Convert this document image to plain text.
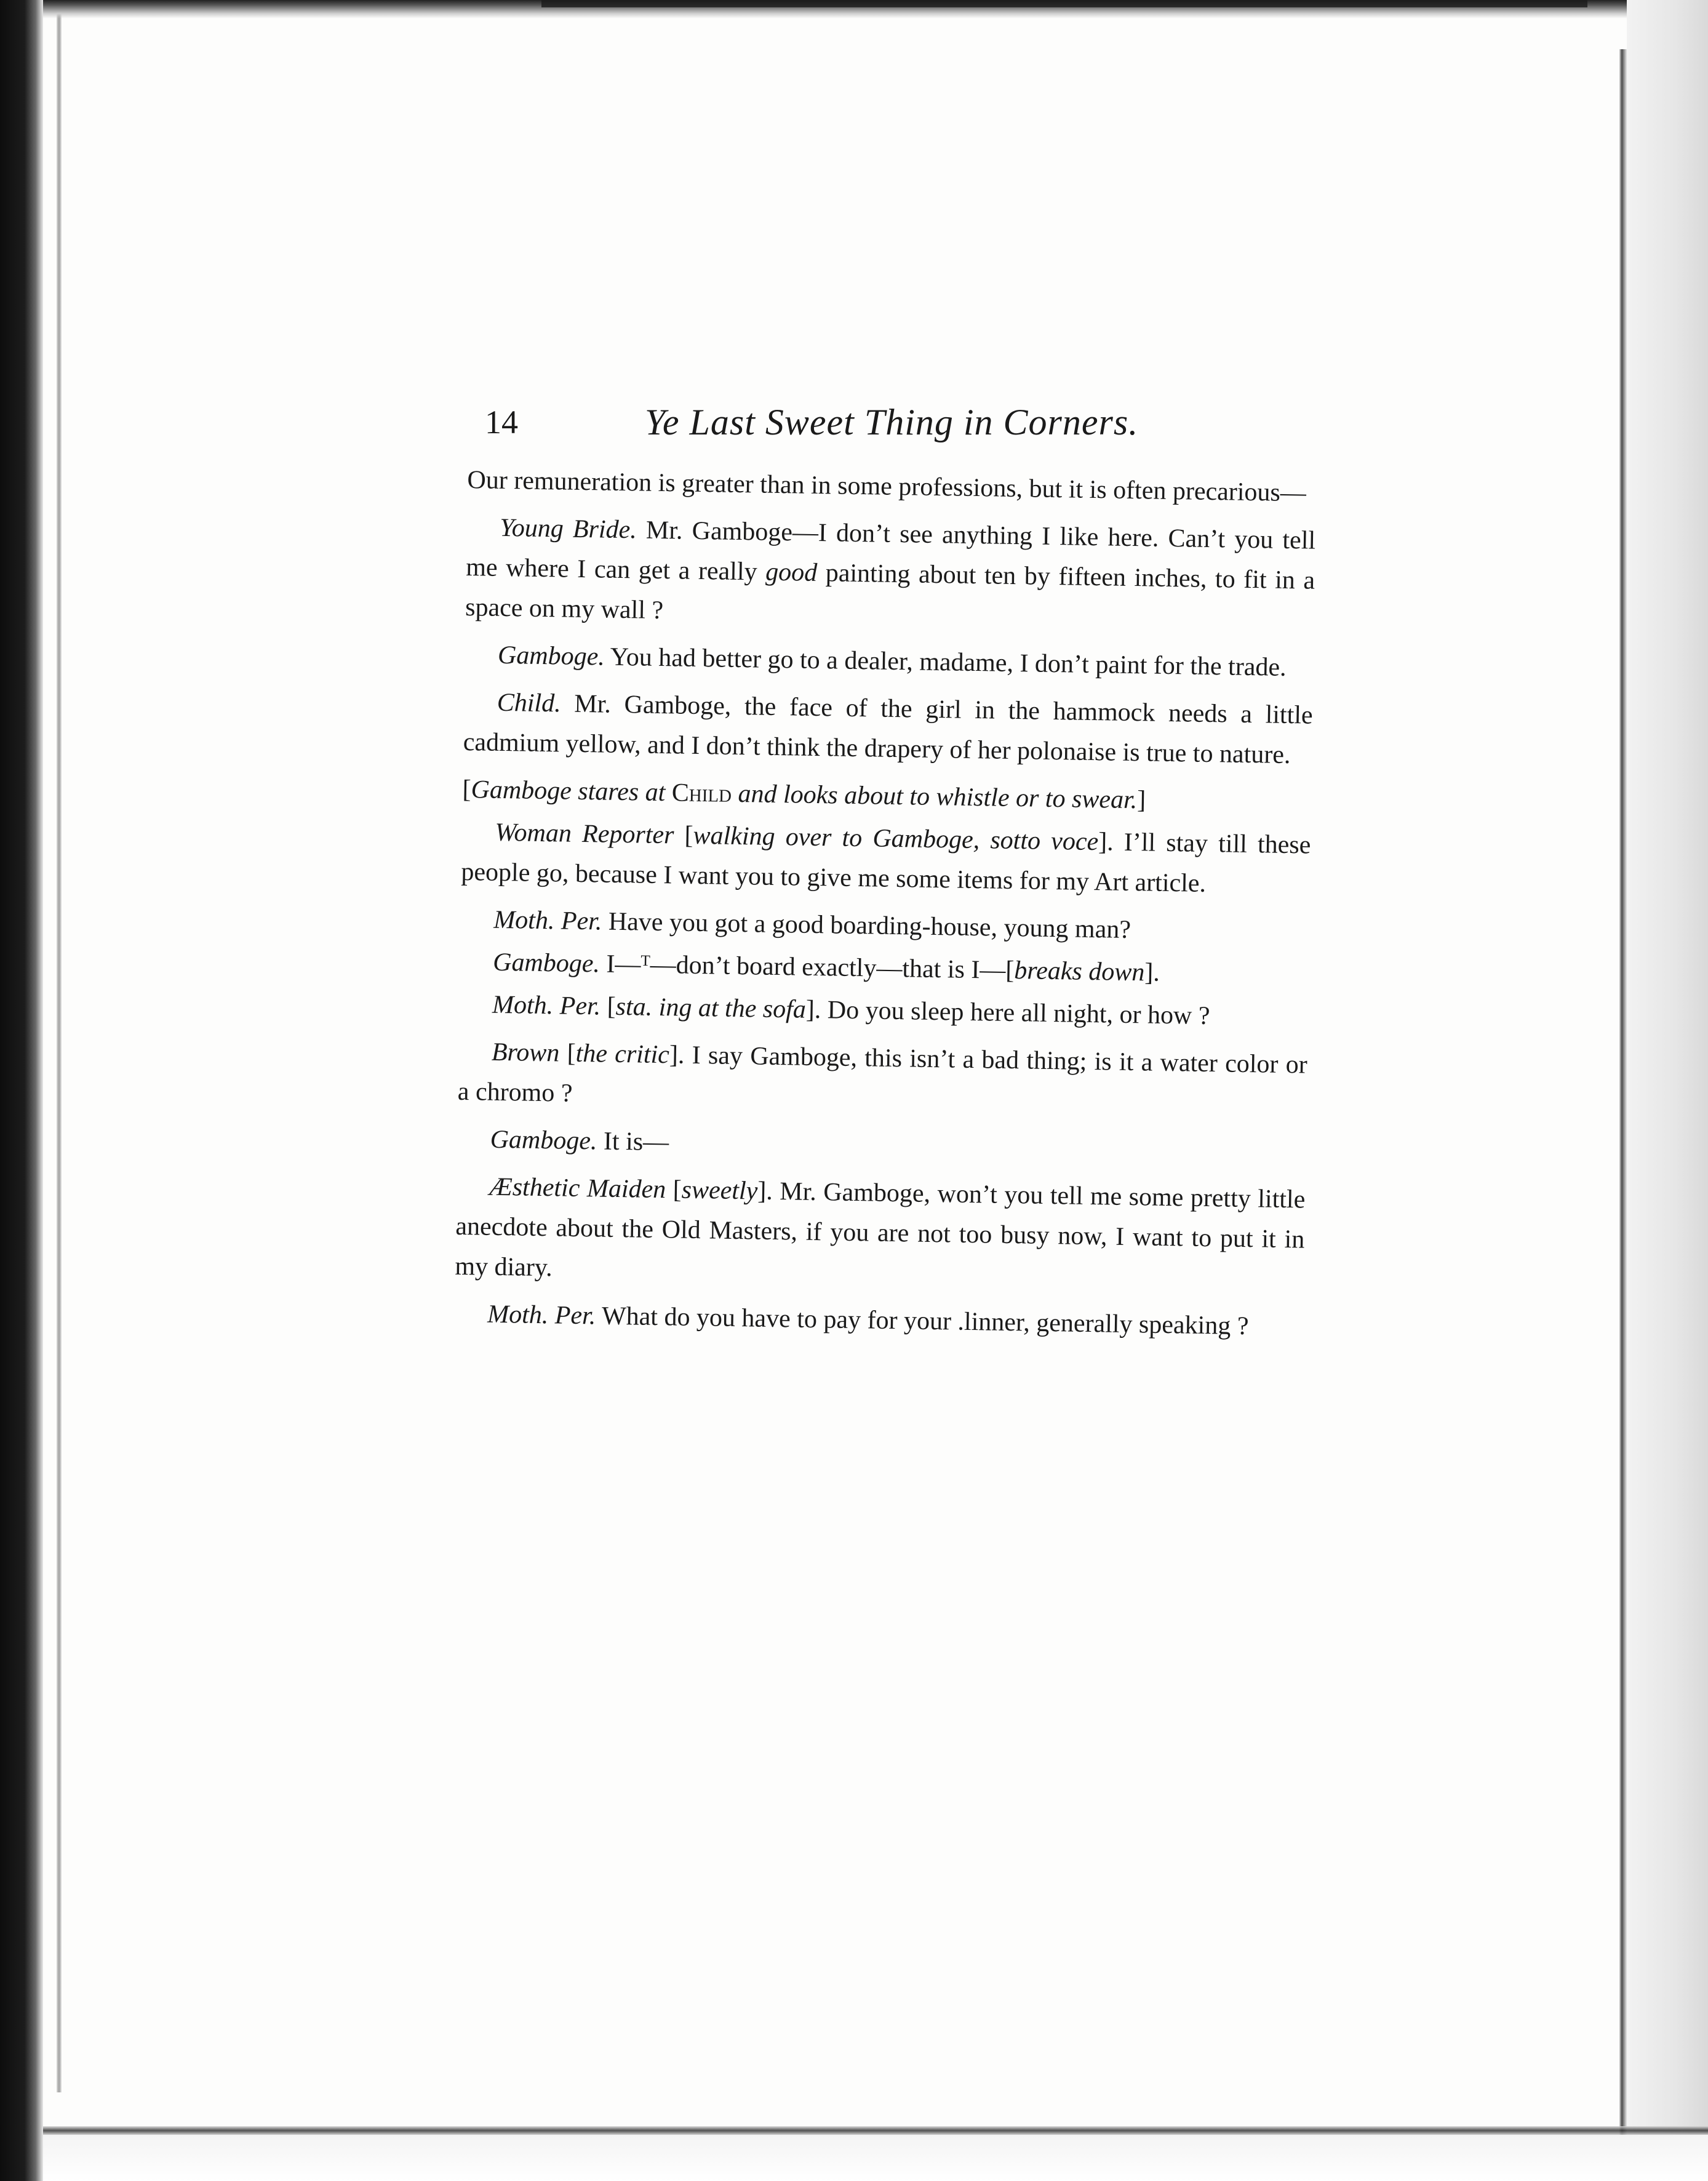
14	Ye Last Sweet Thing in Corners.

Our remuneration is greater than in some professions, but it is often precarious—

Young Bride. Mr. Gamboge—I don’t see anything I like here. Can’t you tell me where I can get a really good painting about ten by fifteen inches, to fit in a space on my wall ?

Gamboge. You had better go to a dealer, madame, I don’t paint for the trade.

Child. Mr. Gamboge, the face of the girl in the hammock needs a little cadmium yellow, and I don’t think the drapery of her polonaise is true to nature.

[Gamboge stares at Child and looks about to whistle or to swear.]

Woman Reporter [walking over to Gamboge, sotto voce]. I’ll stay till these people go, because I want you to give me some items for my Art article.

Moth. Per. Have you got a good boarding-house, young man?

Gamboge. I—ᵀ—don’t board exactly—that is I—[breaks down].

Moth. Per. [sta. ing at the sofa]. Do you sleep here all night, or how ?

Brown [the critic]. I say Gamboge, this isn’t a bad thing; is it a water color or a chromo ?

Gamboge. It is—

Æsthetic Maiden [sweetly]. Mr. Gamboge, won’t you tell me some pretty little anecdote about the Old Masters, if you are not too busy now, I want to put it in my diary.

Moth. Per. What do you have to pay for your .linner, generally speaking ?
